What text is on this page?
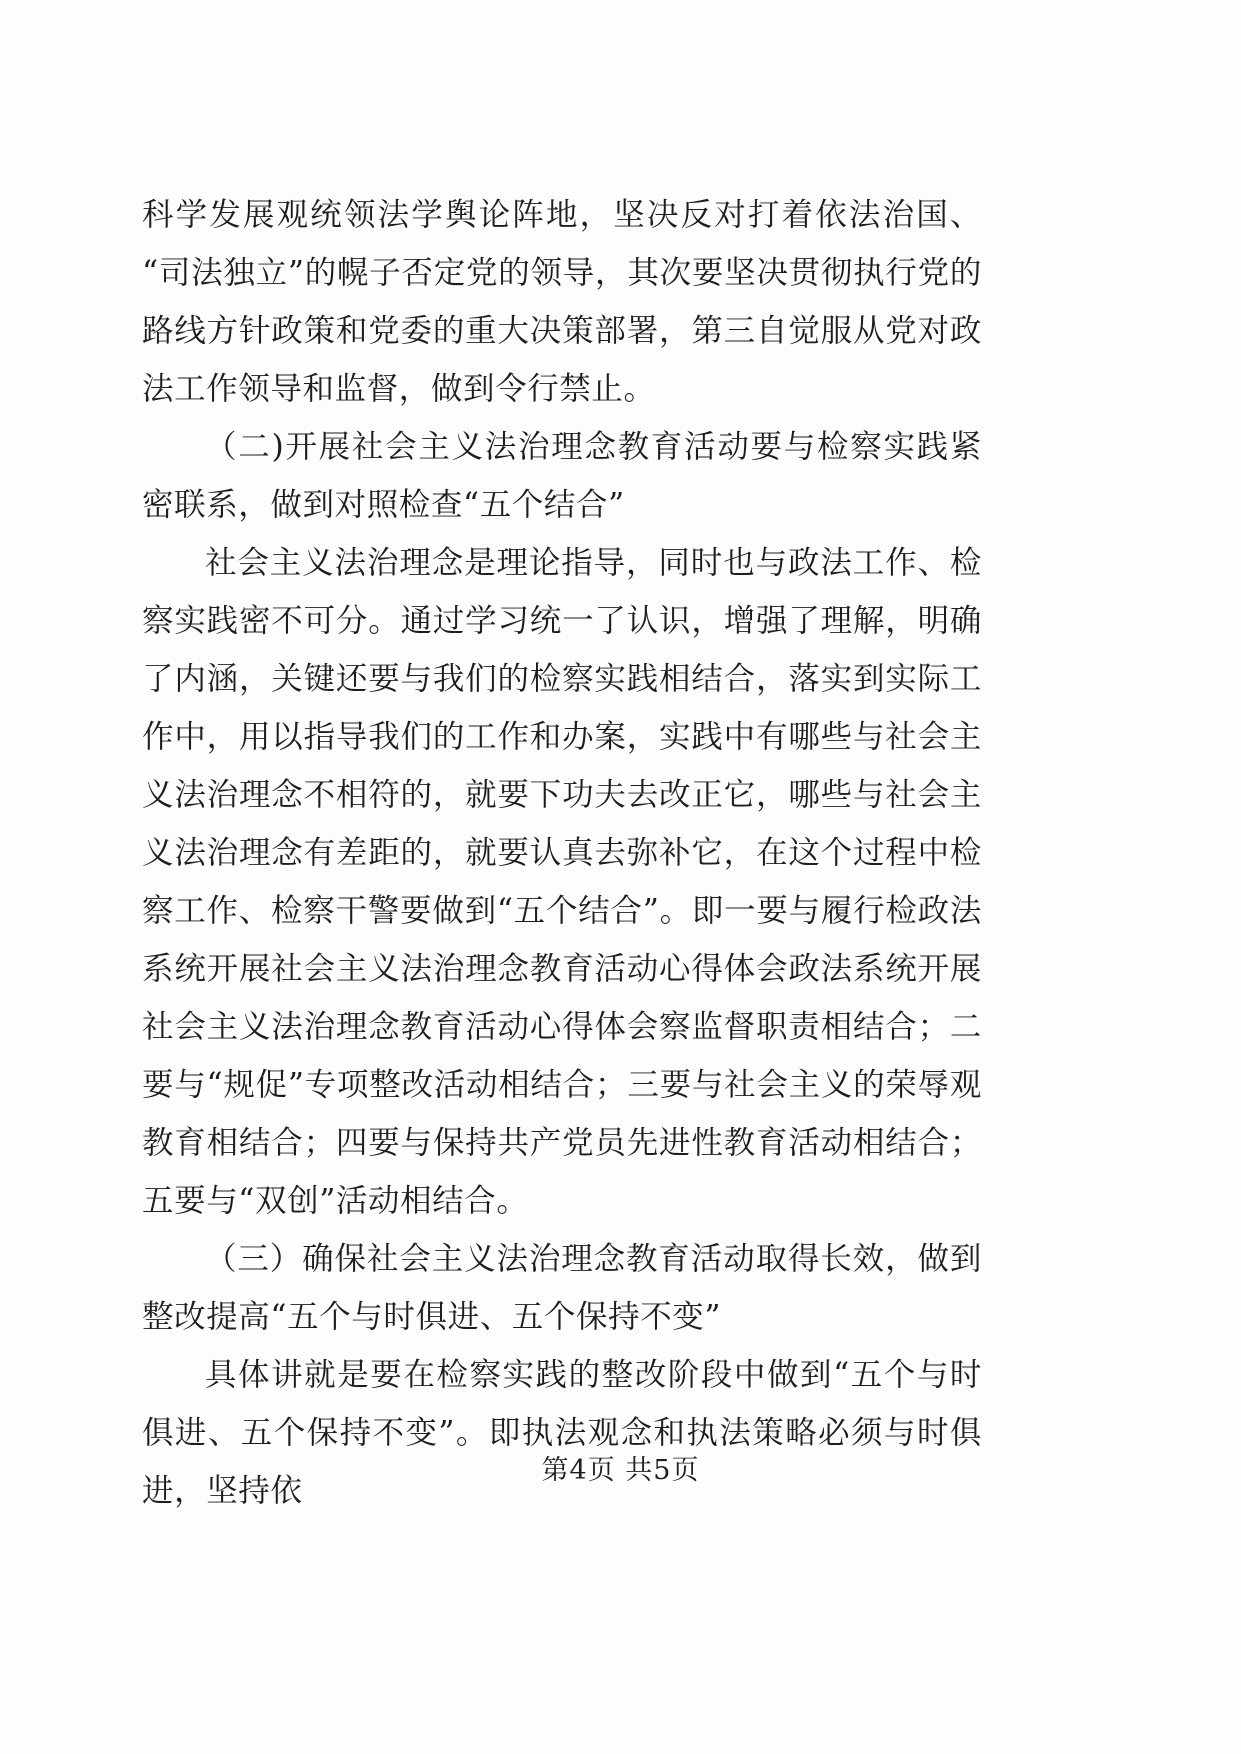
科学发展观统领法学舆论阵地，坚决反对打着依法治国、“司法独立”的幌子否定党的领导，其次要坚决贯彻执行党的路线方针政策和党委的重大决策部署，第三自觉服从党对政法工作领导和监督，做到令行禁止。

（二)开展社会主义法治理念教育活动要与检察实践紧密联系，做到对照检查“五个结合”

社会主义法治理念是理论指导，同时也与政法工作、检察实践密不可分。通过学习统一了认识，增强了理解，明确了内涵，关键还要与我们的检察实践相结合，落实到实际工作中，用以指导我们的工作和办案，实践中有哪些与社会主义法治理念不相符的，就要下功夫去改正它，哪些与社会主义法治理念有差距的，就要认真去弥补它，在这个过程中检察工作、检察干警要做到“五个结合”。即一要与履行检政法系统开展社会主义法治理念教育活动心得体会政法系统开展社会主义法治理念教育活动心得体会察监督职责相结合；二要与“规促”专项整改活动相结合；三要与社会主义的荣辱观教育相结合；四要与保持共产党员先进性教育活动相结合；五要与“双创”活动相结合。

（三）确保社会主义法治理念教育活动取得长效，做到整改提高“五个与时俱进、五个保持不变”

具体讲就是要在检察实践的整改阶段中做到“五个与时俱进、五个保持不变”。即执法观念和执法策略必须与时俱进，坚持依

第4页 共5页
